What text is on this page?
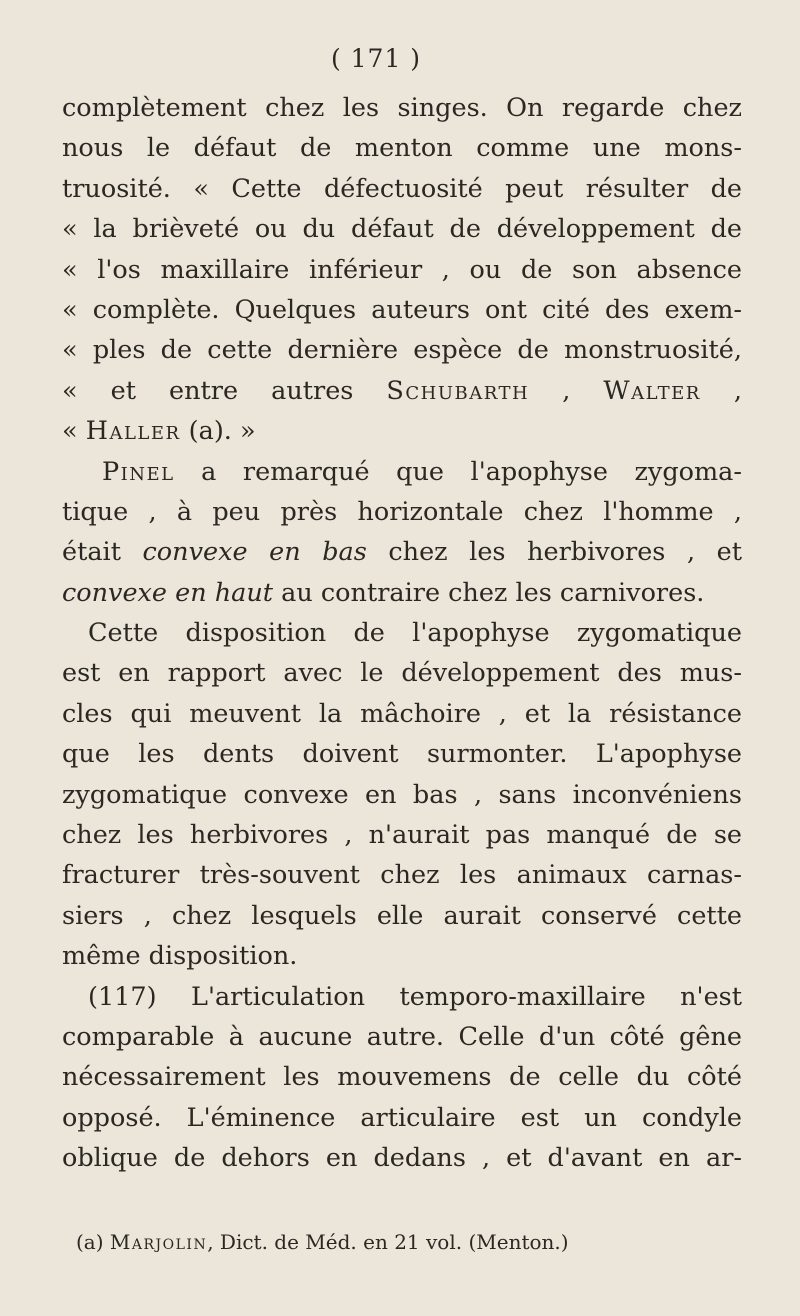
( 171 )
complètement chez les singes. On regarde chez
nous le défaut de menton comme une mons-
truosité. « Cette défectuosité peut résulter de
« la brièveté ou du défaut de développement de
« l'os maxillaire inférieur , ou de son absence
« complète. Quelques auteurs ont cité des exem-
« ples de cette dernière espèce de monstruosité,
« et entre autres Schubarth , Walter ,
« Haller (a). »
Pinel a remarqué que l'apophyse zygoma-
tique , à peu près horizontale chez l'homme ,
était convexe en bas chez les herbivores , et
convexe en haut au contraire chez les carnivores.
Cette disposition de l'apophyse zygomatique
est en rapport avec le développement des mus-
cles qui meuvent la mâchoire , et la résistance
que les dents doivent surmonter. L'apophyse
zygomatique convexe en bas , sans inconvéniens
chez les herbivores , n'aurait pas manqué de se
fracturer très-souvent chez les animaux carnas-
siers , chez lesquels elle aurait conservé cette
même disposition.
(117) L'articulation temporo-maxillaire n'est
comparable à aucune autre. Celle d'un côté gêne
nécessairement les mouvemens de celle du côté
opposé. L'éminence articulaire est un condyle
oblique de dehors en dedans , et d'avant en ar-
(a) Marjolin, Dict. de Méd. en 21 vol. (Menton.)
